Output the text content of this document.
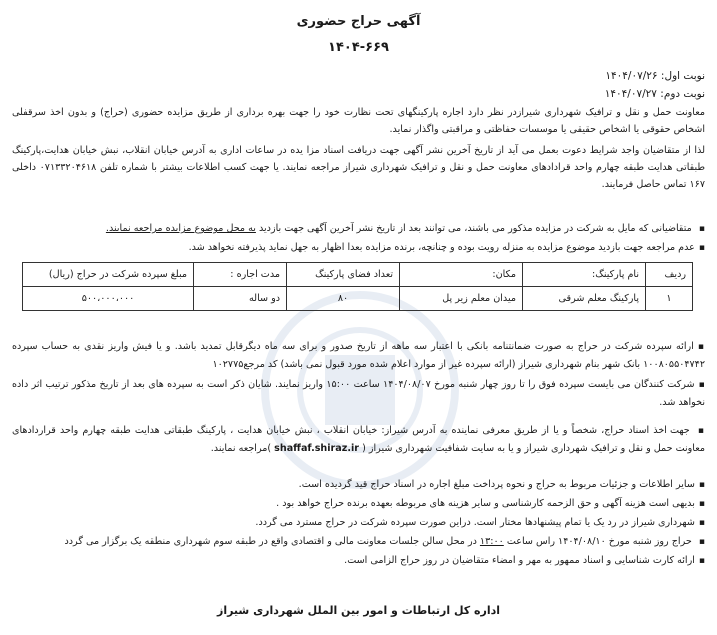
آگهی حراج حضوری
۱۴۰۴-۶۶۹
نوبت اول: ۱۴۰۴/۰۷/۲۶
نوبت دوم: ۱۴۰۴/۰۷/۲۷
معاونت حمل و نقل و ترافیک شهرداری شیرازدر نظر دارد اجاره پارکینگهای تحت نظارت خود را جهت بهره برداری از طریق مزایده حضوری (حراج) و بدون اخذ سرقفلی اشخاص حقوقی یا اشخاص حقیقی یا موسسات حفاظتی و مراقبتی واگذار نماید.
لذا از متقاضیان واجد شرایط دعوت بعمل می آید از تاریخ آخرین نشر آگهی جهت دریافت اسناد مزا یده در ساعات اداری به آدرس خیابان انقلاب، نبش خیابان هدایت،پارکینگ طبقاتی هدایت طبقه چهارم واحد قرادادهای معاونت حمل و نقل و ترافیک شهرداری شیراز مراجعه نمایند. یا جهت کسب اطلاعات بیشتر با شماره تلفن ۰۷۱۳۳۲۰۴۶۱۸ داخلی ۱۶۷ تماس حاصل فرمایند.
▪ متقاضیانی که مایل به شرکت در مزایده مذکور می باشند، می توانند بعد از تاریخ نشر آخرین آگهی جهت بازدید به محل موضوع مزایده مراجعه نمایند.
▪ عدم مراجعه جهت بازدید موضوع مزایده به منزله رویت بوده و چنانچه، برنده مزایده بعدا اظهار به جهل نماید پذیرفته نخواهد شد.
ردیف	نام پارکینگ:	مکان:	تعداد فضای پارکینگ	مدت اجاره :	مبلغ سپرده شرکت در حراج (ریال)
۱	پارکینگ معلم شرقی	میدان معلم زیر پل	۸۰	دو ساله	۵۰۰،۰۰۰،۰۰۰
▪ ارائه سپرده شرکت در حراج به صورت ضمانتنامه بانکی با اعتبار سه ماهه از تاریخ صدور و برای سه ماه دیگرقابل تمدید باشد. و یا فیش واریز نقدی به حساب سپرده ۱۰۰۸۰۵۵۰۴۷۴۲ بانک شهر بنام شهرداری شیراز (ارائه سپرده غیر از موارد اعلام شده مورد قبول نمی باشد) کد مرجع۱۰۲۷۷۵
▪ شرکت کنندگان می بایست سپرده فوق را تا روز چهار شنبه مورخ ۱۴۰۴/۰۸/۰۷ ساعت ۱۵:۰۰ واریز نمایند. شایان ذکر است به سپرده های بعد از تاریخ مذکور ترتیب اثر داده نخواهد شد.
▪ جهت اخذ اسناد حراج، شخصاً و یا از طریق معرفی نماینده به آدرس شیراز: خیابان انقلاب ، نبش خیابان هدایت ، پارکینگ طبقاتی هدایت طبقه چهارم واحد قراردادهای معاونت حمل و نقل و ترافیک شهرداری شیراز و یا به سایت شفافیت شهرداری شیراز ( shaffaf.shiraz.ir )مراجعه نمایند.
▪ سایر اطلاعات و جزئیات مربوط به حراج و نحوه پرداخت مبلغ اجاره در اسناد حراج قید گردیده است.
▪ بدیهی است هزینه آگهی و حق الزحمه کارشناسی و سایر هزینه های مربوطه بعهده برنده حراج خواهد بود .
▪ شهرداری شیراز در رد یک یا تمام پیشنهادها مختار است. دراین صورت سپرده شرکت در حراج مسترد می گردد.
▪ حراج روز شنبه مورخ ۱۴۰۴/۰۸/۱۰ راس ساعت ۱۳:۰۰ در محل سالن جلسات معاونت مالی و اقتصادی واقع در طبقه سوم شهرداری منطقه یک برگزار می گردد
▪ ارائه کارت شناسایی و اسناد ممهور به مهر و امضاء متقاضیان در روز حراج الزامی است.
اداره کل ارتباطات و امور بین الملل شهرداری شیراز
